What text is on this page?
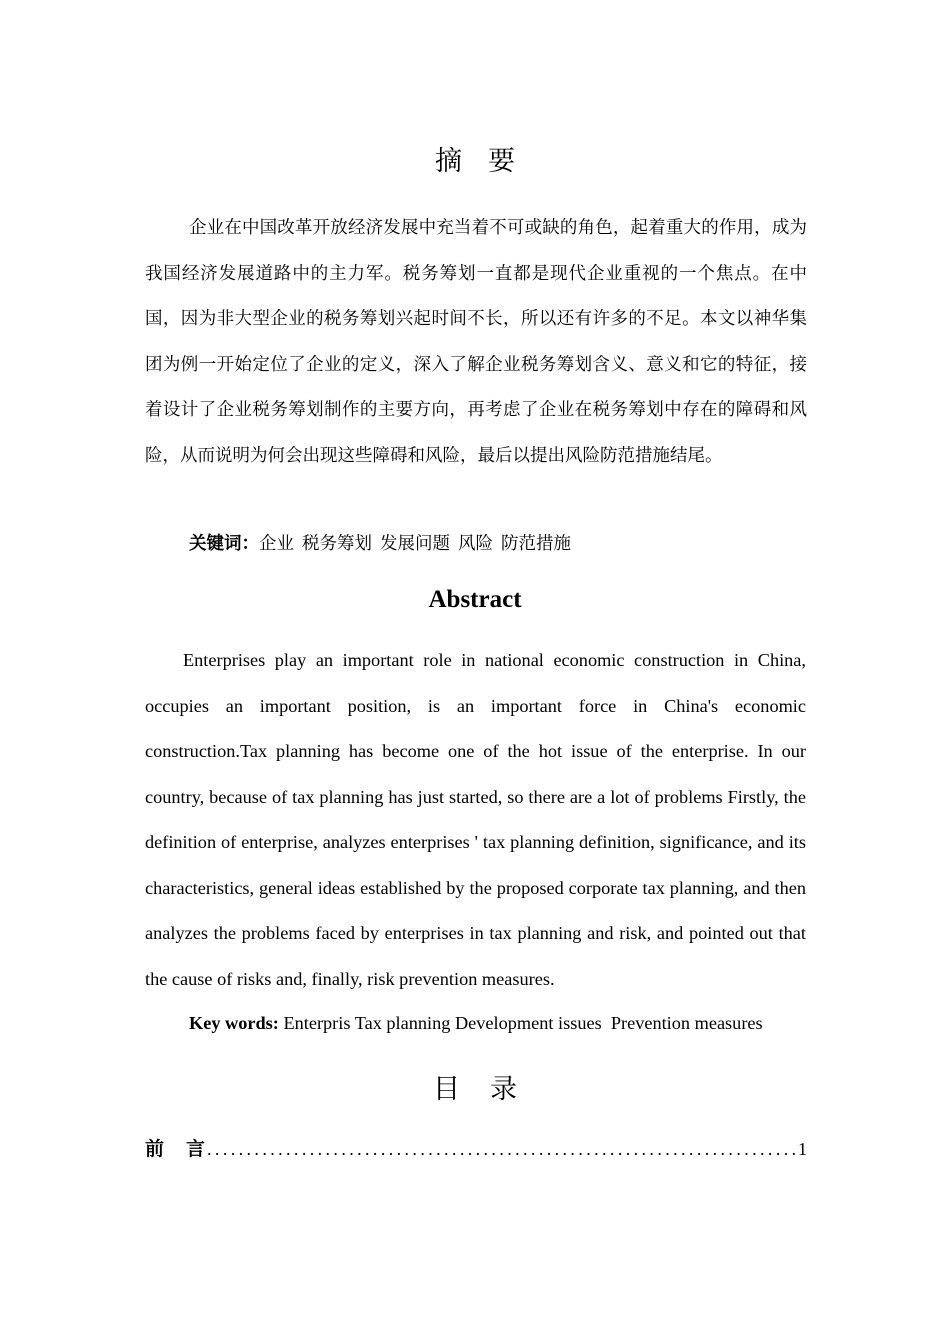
摘要

企业在中国改革开放经济发展中充当着不可或缺的角色，起着重大的作用，成为我国经济发展道路中的主力军。税务筹划一直都是现代企业重视的一个焦点。在中国，因为非大型企业的税务筹划兴起时间不长，所以还有许多的不足。本文以神华集团为例一开始定位了企业的定义，深入了解企业税务筹划含义、意义和它的特征，接着设计了企业税务筹划制作的主要方向，再考虑了企业在税务筹划中存在的障碍和风险，从而说明为何会出现这些障碍和风险，最后以提出风险防范措施结尾。

关键词：企业 税务筹划 发展问题 风险 防范措施
Abstract

Enterprises play an important role in national economic construction in China, occupies an important position, is an important force in China's economic construction.Tax planning has become one of the hot issue of the enterprise. In our country, because of tax planning has just started, so there are a lot of problems Firstly, the definition of enterprise, analyzes enterprises ' tax planning definition, significance, and its characteristics, general ideas established by the proposed corporate tax planning, and then analyzes the problems faced by enterprises in tax planning and risk, and pointed out that the cause of risks and, finally, risk prevention measures.

Key words: Enterpris Tax planning Development issues  Prevention measures
目录
前言
.....	1
